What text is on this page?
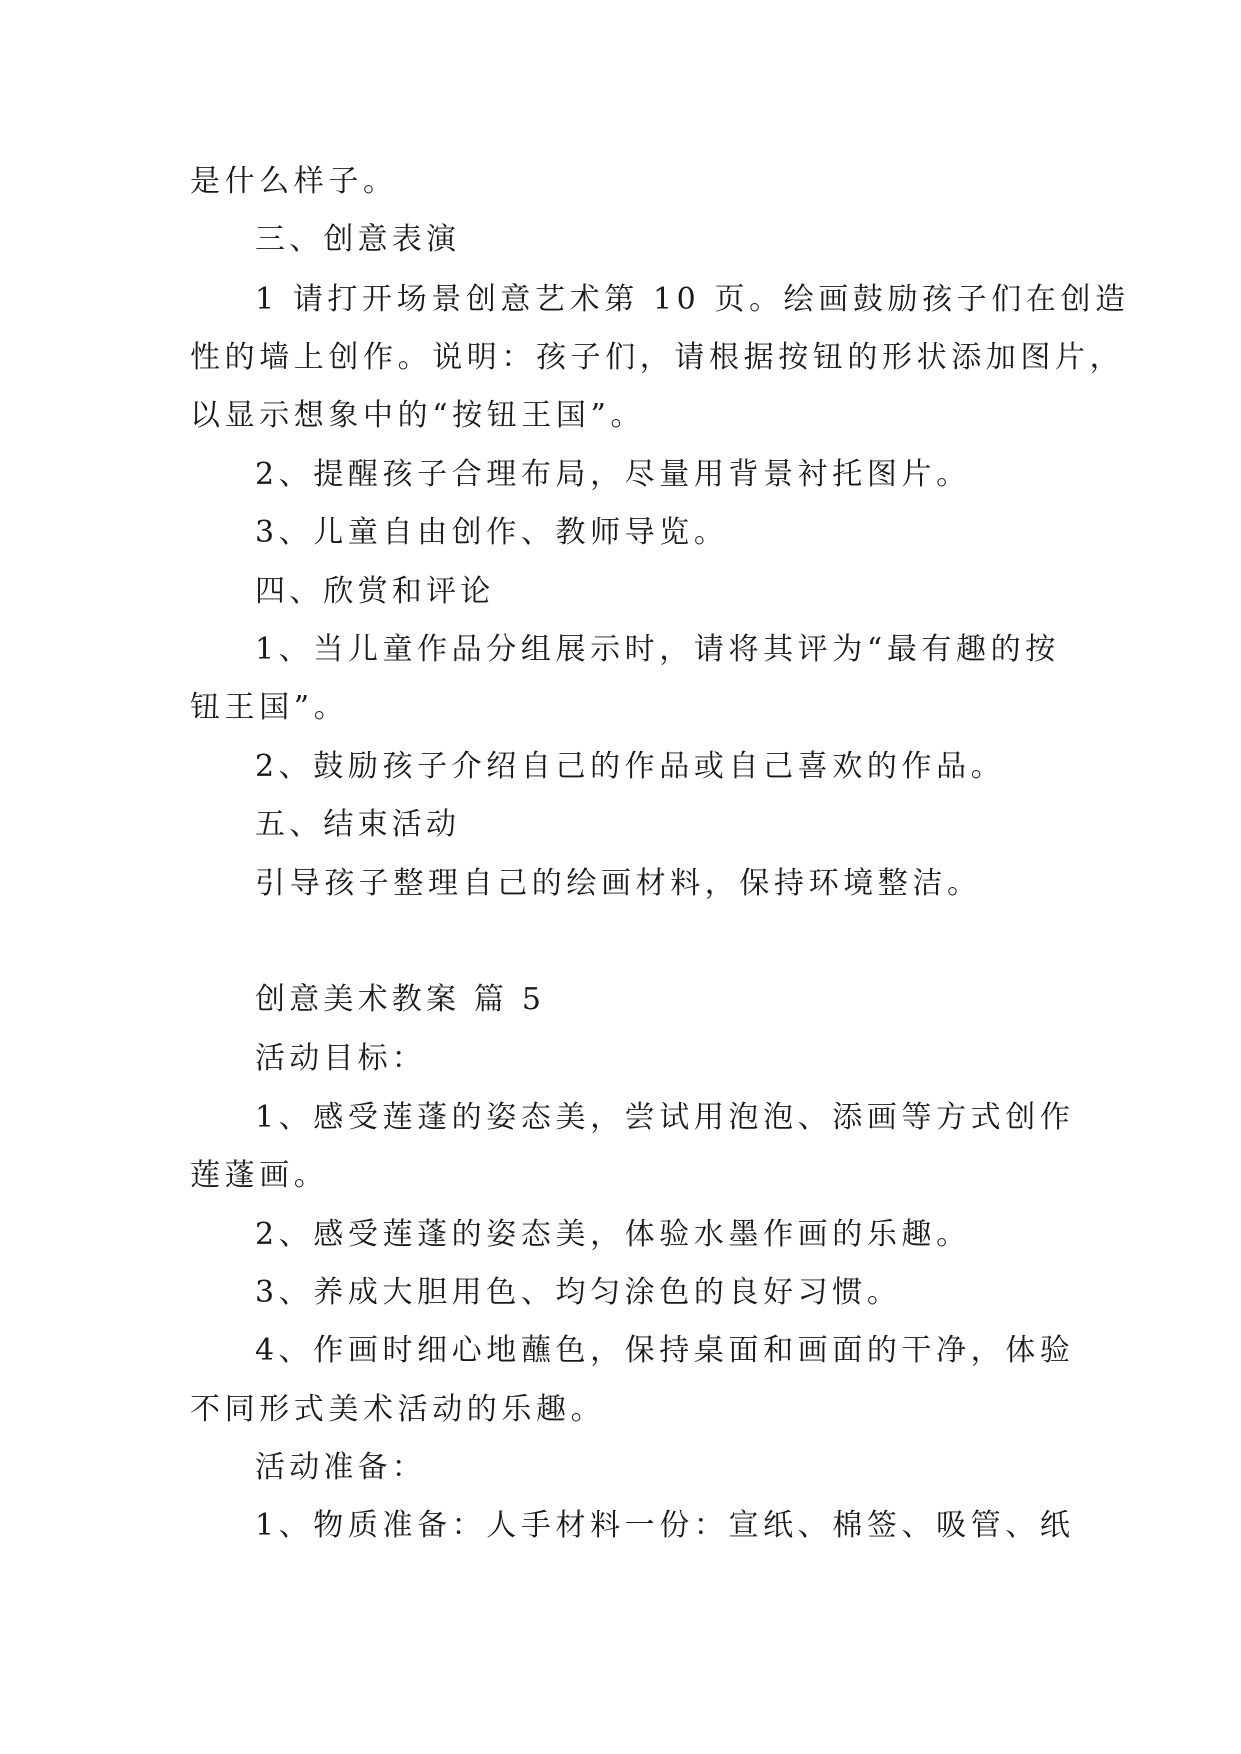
是什么样子。
三、创意表演
1 请打开场景创意艺术第 10 页。绘画鼓励孩子们在创造
性的墙上创作。说明：孩子们，请根据按钮的形状添加图片，
以显示想象中的“按钮王国”。
2、提醒孩子合理布局，尽量用背景衬托图片。
3、儿童自由创作、教师导览。
四、欣赏和评论
1、当儿童作品分组展示时，请将其评为“最有趣的按
钮王国”。
2、鼓励孩子介绍自己的作品或自己喜欢的作品。
五、结束活动
引导孩子整理自己的绘画材料，保持环境整洁。
创意美术教案 篇 5
活动目标：
1、感受莲蓬的姿态美，尝试用泡泡、添画等方式创作
莲蓬画。
2、感受莲蓬的姿态美，体验水墨作画的乐趣。
3、养成大胆用色、均匀涂色的良好习惯。
4、作画时细心地蘸色，保持桌面和画面的干净，体验
不同形式美术活动的乐趣。
活动准备：
1、物质准备：人手材料一份：宣纸、棉签、吸管、纸
